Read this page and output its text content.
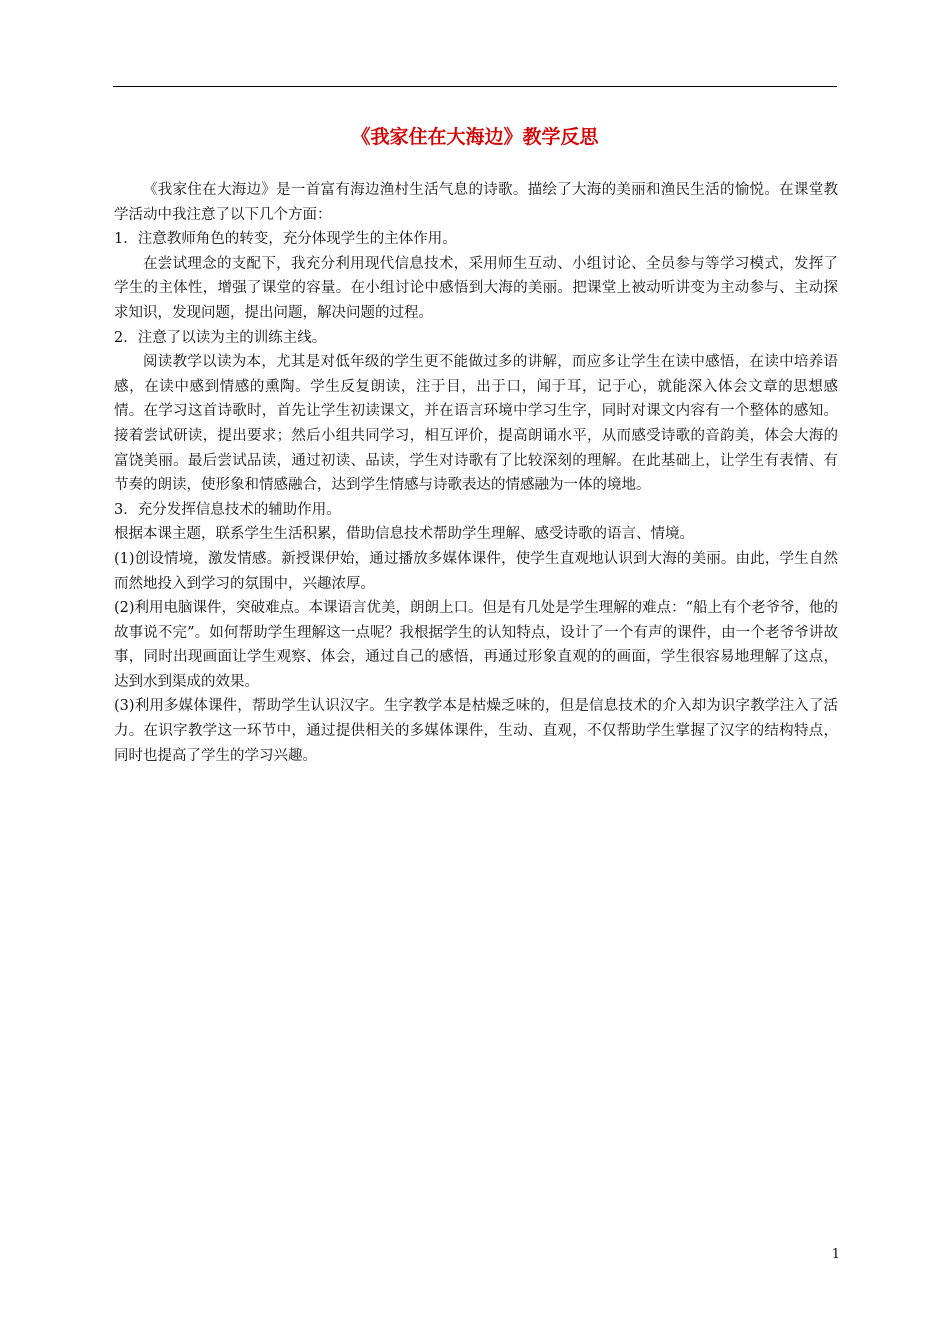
《我家住在大海边》教学反思

《我家住在大海边》是一首富有海边渔村生活气息的诗歌。描绘了大海的美丽和渔民生活的愉悦。在课堂教学活动中我注意了以下几个方面：

1．注意教师角色的转变，充分体现学生的主体作用。

在尝试理念的支配下，我充分利用现代信息技术，采用师生互动、小组讨论、全员参与等学习模式，发挥了学生的主体性，增强了课堂的容量。在小组讨论中感悟到大海的美丽。把课堂上被动听讲变为主动参与、主动探求知识，发现问题，提出问题，解决问题的过程。

2．注意了以读为主的训练主线。

阅读教学以读为本，尤其是对低年级的学生更不能做过多的讲解，而应多让学生在读中感悟，在读中培养语感，在读中感到情感的熏陶。学生反复朗读，注于目，出于口，闻于耳，记于心，就能深入体会文章的思想感情。在学习这首诗歌时，首先让学生初读课文，并在语言环境中学习生字，同时对课文内容有一个整体的感知。接着尝试研读，提出要求；然后小组共同学习，相互评价，提高朗诵水平，从而感受诗歌的音韵美，体会大海的富饶美丽。最后尝试品读，通过初读、品读，学生对诗歌有了比较深刻的理解。在此基础上，让学生有表情、有节奏的朗读，使形象和情感融合，达到学生情感与诗歌表达的情感融为一体的境地。

3．充分发挥信息技术的辅助作用。

根据本课主题，联系学生生活积累，借助信息技术帮助学生理解、感受诗歌的语言、情境。

(1)创设情境，激发情感。新授课伊始，通过播放多媒体课件，使学生直观地认识到大海的美丽。由此，学生自然而然地投入到学习的氛围中，兴趣浓厚。

(2)利用电脑课件，突破难点。本课语言优美，朗朗上口。但是有几处是学生理解的难点：“船上有个老爷爷，他的故事说不完”。如何帮助学生理解这一点呢？我根据学生的认知特点，设计了一个有声的课件，由一个老爷爷讲故事，同时出现画面让学生观察、体会，通过自己的感悟，再通过形象直观的的画面，学生很容易地理解了这点，达到水到渠成的效果。

(3)利用多媒体课件，帮助学生认识汉字。生字教学本是枯燥乏味的，但是信息技术的介入却为识字教学注入了活力。在识字教学这一环节中，通过提供相关的多媒体课件，生动、直观，不仅帮助学生掌握了汉字的结构特点，同时也提高了学生的学习兴趣。

1
